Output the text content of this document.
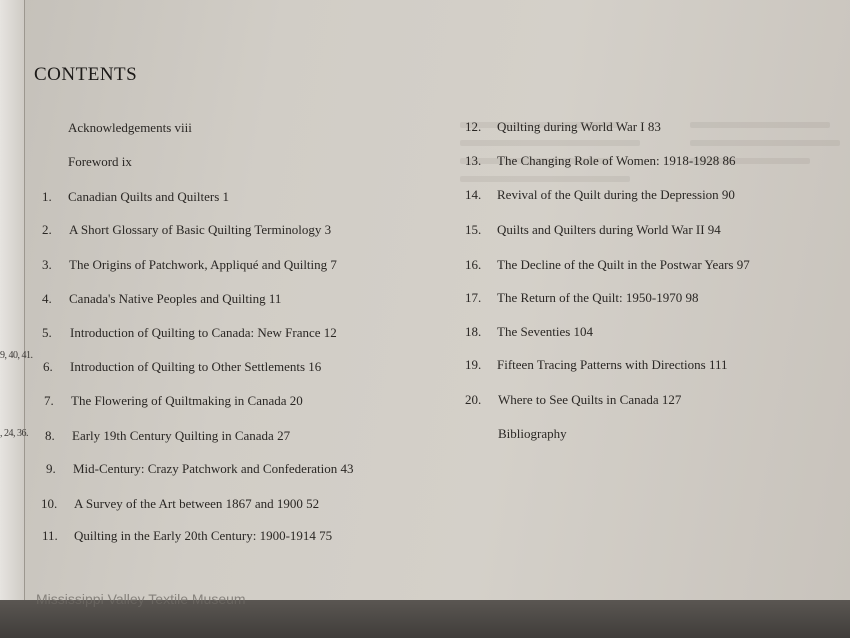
9, 40, 41.
, 24, 36.
CONTENTS
Acknowledgements viii
Foreword ix
1. Canadian Quilts and Quilters 1
2. A Short Glossary of Basic Quilting Terminology 3
3. The Origins of Patchwork, Appliqué and Quilting 7
4. Canada's Native Peoples and Quilting 11
5. Introduction of Quilting to Canada: New France 12
6. Introduction of Quilting to Other Settlements 16
7. The Flowering of Quiltmaking in Canada 20
8. Early 19th Century Quilting in Canada 27
9. Mid-Century: Crazy Patchwork and Confederation 43
10. A Survey of the Art between 1867 and 1900 52
11. Quilting in the Early 20th Century: 1900-1914 75
12. Quilting during World War I 83
13. The Changing Role of Women: 1918-1928 86
14. Revival of the Quilt during the Depression 90
15. Quilts and Quilters during World War II 94
16. The Decline of the Quilt in the Postwar Years 97
17. The Return of the Quilt: 1950-1970 98
18. The Seventies 104
19. Fifteen Tracing Patterns with Directions 111
20. Where to See Quilts in Canada 127
Bibliography
Mississippi Valley Textile Museum
